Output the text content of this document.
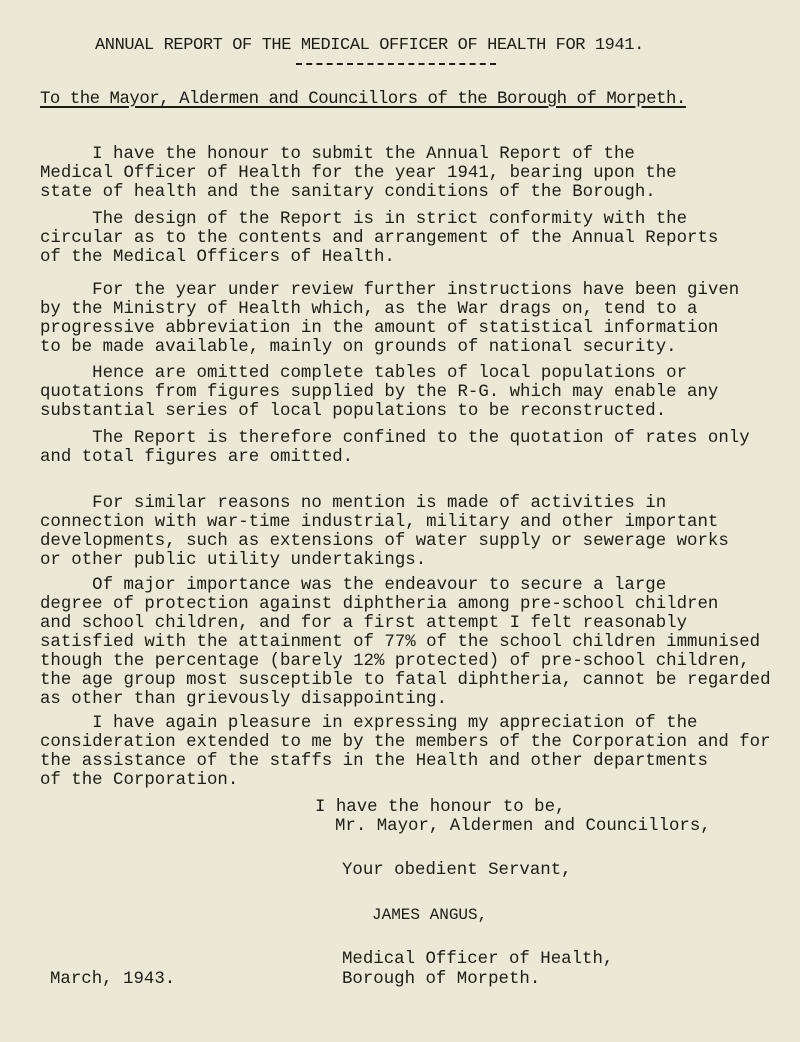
ANNUAL REPORT OF THE MEDICAL OFFICER OF HEALTH FOR 1941.
To the Mayor, Aldermen and Councillors of the Borough of Morpeth.
I have the honour to submit the Annual Report of the
Medical Officer of Health for the year 1941, bearing upon the
state of health and the sanitary conditions of the Borough.
The design of the Report is in strict conformity with the
circular as to the contents and arrangement of the Annual Reports
of the Medical Officers of Health.
For the year under review further instructions have been given
by the Ministry of Health which, as the War drags on, tend to a
progressive abbreviation in the amount of statistical information
to be made available, mainly on grounds of national security.
Hence are omitted complete tables of local populations or
quotations from figures supplied by the R-G. which may enable any
substantial series of local populations to be reconstructed.
The Report is therefore confined to the quotation of rates only
and total figures are omitted.
For similar reasons no mention is made of activities in
connection with war-time industrial, military and other important
developments, such as extensions of water supply or sewerage works
or other public utility undertakings.
Of major importance was the endeavour to secure a large
degree of protection against diphtheria among pre-school children
and school children, and for a first attempt I felt reasonably
satisfied with the attainment of 77% of the school children immunised
though the percentage (barely 12% protected) of pre-school children,
the age group most susceptible to fatal diphtheria, cannot be regarded
as other than grievously disappointing.
I have again pleasure in expressing my appreciation of the
consideration extended to me by the members of the Corporation and for
the assistance of the staffs in the Health and other departments
of the Corporation.
I have the honour to be,
Mr. Mayor, Aldermen and Councillors,
Your obedient Servant,
JAMES ANGUS,
Medical Officer of Health,
Borough of Morpeth.
March, 1943.
